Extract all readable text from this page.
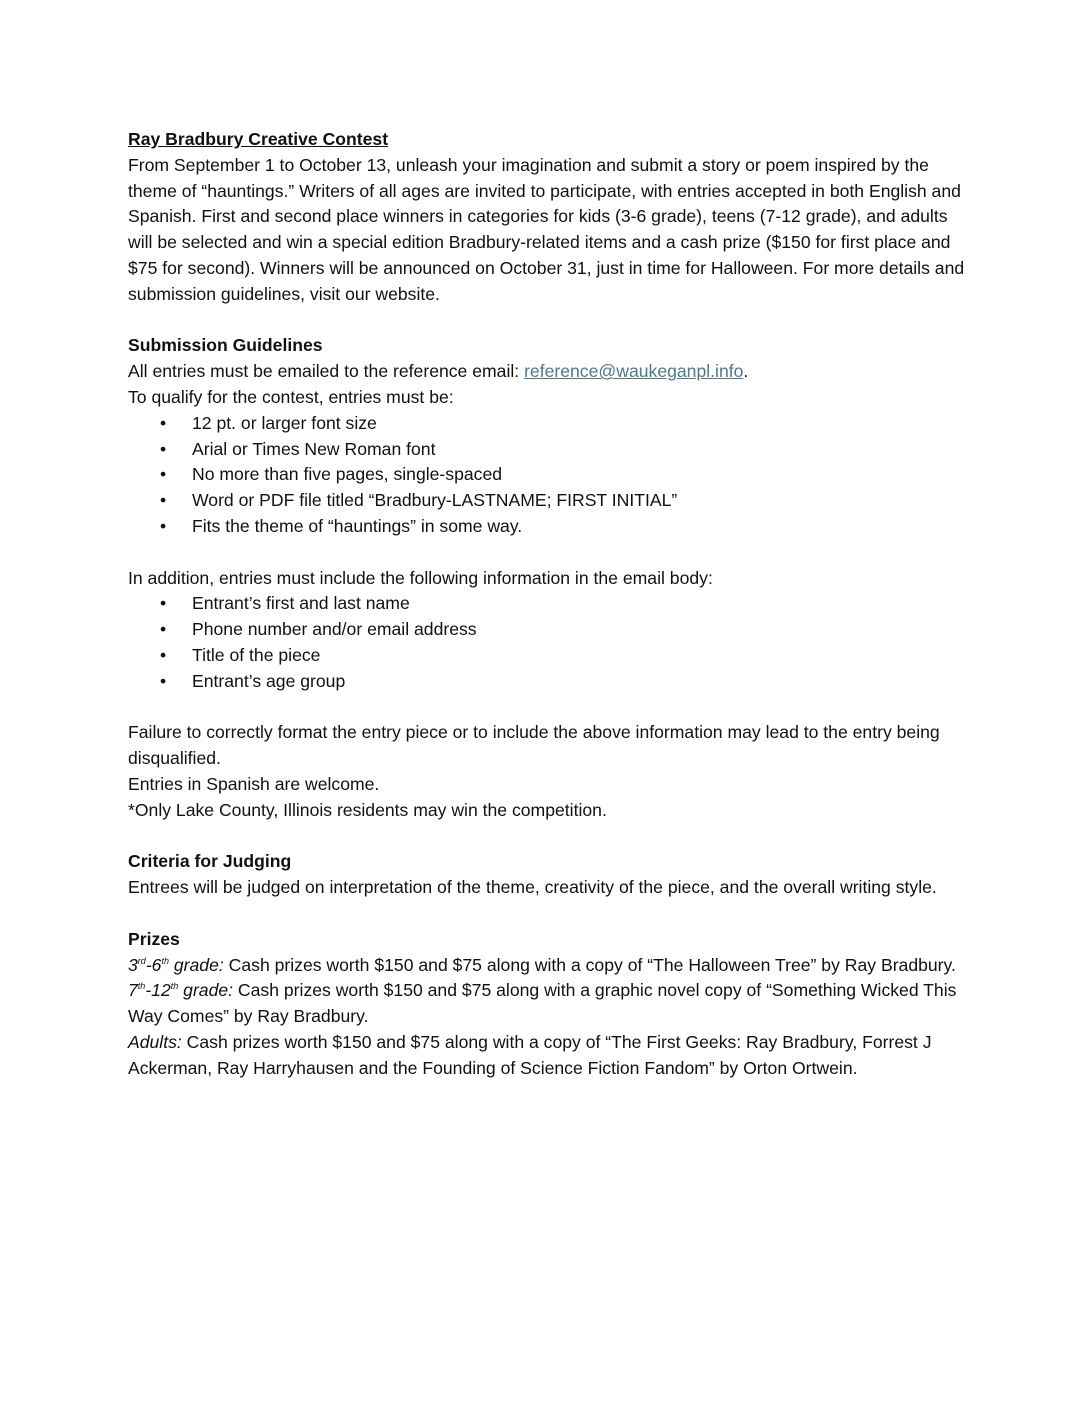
Ray Bradbury Creative Contest

From September 1 to October 13, unleash your imagination and submit a story or poem inspired by the theme of “hauntings.” Writers of all ages are invited to participate, with entries accepted in both English and Spanish. First and second place winners in categories for kids (3-6 grade), teens (7-12 grade), and adults will be selected and win a special edition Bradbury-related items and a cash prize ($150 for first place and $75 for second). Winners will be announced on October 31, just in time for Halloween. For more details and submission guidelines, visit our website.

Submission Guidelines

All entries must be emailed to the reference email: reference@waukeganpl.info.

To qualify for the contest, entries must be:

• 12 pt. or larger font size
• Arial or Times New Roman font
• No more than five pages, single-spaced
• Word or PDF file titled “Bradbury-LASTNAME; FIRST INITIAL”
• Fits the theme of “hauntings” in some way.

In addition, entries must include the following information in the email body:

• Entrant’s first and last name
• Phone number and/or email address
• Title of the piece
• Entrant’s age group

Failure to correctly format the entry piece or to include the above information may lead to the entry being disqualified.

Entries in Spanish are welcome.

*Only Lake County, Illinois residents may win the competition.

Criteria for Judging

Entrees will be judged on interpretation of the theme, creativity of the piece, and the overall writing style.

Prizes

3rd-6th grade: Cash prizes worth $150 and $75 along with a copy of “The Halloween Tree” by Ray Bradbury.

7th-12th grade: Cash prizes worth $150 and $75 along with a graphic novel copy of “Something Wicked This Way Comes” by Ray Bradbury.

Adults: Cash prizes worth $150 and $75 along with a copy of “The First Geeks: Ray Bradbury, Forrest J Ackerman, Ray Harryhausen and the Founding of Science Fiction Fandom” by Orton Ortwein.
